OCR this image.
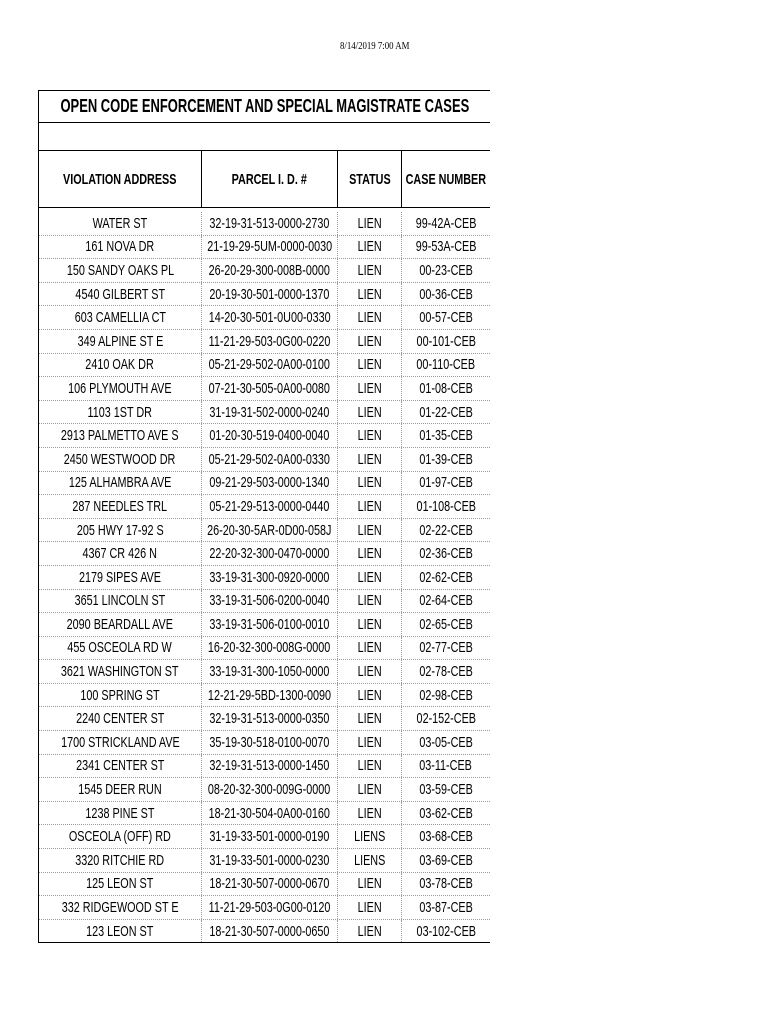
8/14/2019 7:00 AM
OPEN CODE ENFORCEMENT AND SPECIAL MAGISTRATE CASES
VIOLATION ADDRESS	PARCEL I. D. #	STATUS CASE NUMBER
WATER ST	32-19-31-513-0000-2730 LIEN 99-42A-CEB
161 NOVA DR	21-19-29-5UM-0000-0030 LIEN 99-53A-CEB
150 SANDY OAKS PL 26-20-29-300-008B-0000 LIEN	00-23-CEB
4540 GILBERT ST	20-19-30-501-0000-1370 LIEN	00-36-CEB
603 CAMELLIA CT	14-20-30-501-0U00-0330 LIEN	00-57-CEB
349 ALPINE ST E	11-21-29-503-0G00-0220 LIEN 00-101-CEB
2410 OAK DR	05-21-29-502-0A00-0100 LIEN 00-110-CEB
106 PLYMOUTH AVE 07-21-30-505-0A00-0080 LIEN	01-08-CEB
1103 1ST DR	31-19-31-502-0000-0240 LIEN	01-22-CEB
2913 PALMETTO AVE S 01-20-30-519-0400-0040 LIEN	01-35-CEB
2450 WESTWOOD DR 05-21-29-502-0A00-0330 LIEN	01-39-CEB
125 ALHAMBRA AVE	09-21-29-503-0000-1340 LIEN	01-97-CEB
287 NEEDLES TRL	05-21-29-513-0000-0440 LIEN 01-108-CEB
205 HWY 17-92 S	26-20-30-5AR-0D00-058J LIEN	02-22-CEB
4367 CR 426 N	22-20-32-300-0470-0000 LIEN	02-36-CEB
2179 SIPES AVE	33-19-31-300-0920-0000 LIEN	02-62-CEB
3651 LINCOLN ST	33-19-31-506-0200-0040 LIEN	02-64-CEB
2090 BEARDALL AVE 33-19-31-506-0100-0010 LIEN	02-65-CEB
455 OSCEOLA RD W 16-20-32-300-008G-0000 LIEN	02-77-CEB
3621 WASHINGTON ST 33-19-31-300-1050-0000 LIEN	02-78-CEB
100 SPRING ST	12-21-29-5BD-1300-0090 LIEN	02-98-CEB
2240 CENTER ST	32-19-31-513-0000-0350 LIEN 02-152-CEB
1700 STRICKLAND AVE 35-19-30-518-0100-0070 LIEN	03-05-CEB
2341 CENTER ST	32-19-31-513-0000-1450 LIEN	03-11-CEB
1545 DEER RUN	08-20-32-300-009G-0000 LIEN	03-59-CEB
1238 PINE ST	18-21-30-504-0A00-0160 LIEN	03-62-CEB
OSCEOLA (OFF) RD	31-19-33-501-0000-0190 LIENS 03-68-CEB
3320 RITCHIE RD	31-19-33-501-0000-0230 LIENS 03-69-CEB
125 LEON ST	18-21-30-507-0000-0670 LIEN	03-78-CEB
332 RIDGEWOOD ST E 11-21-29-503-0G00-0120 LIEN	03-87-CEB
123 LEON ST	18-21-30-507-0000-0650 LIEN 03-102-CEB
